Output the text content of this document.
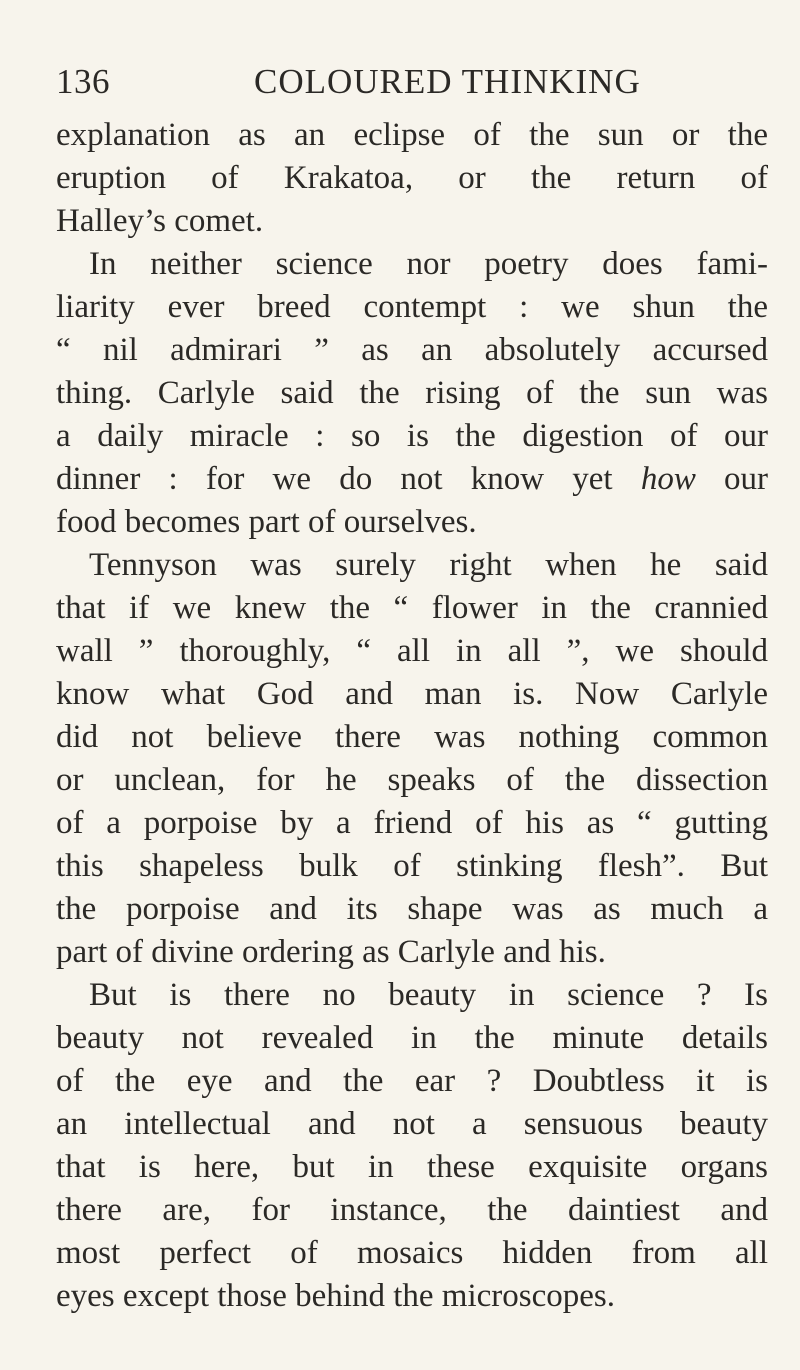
136	COLOURED THINKING
explanation as an eclipse of the sun or the
eruption of Krakatoa, or the return of
Halley’s comet.
In neither science nor poetry does fami-
liarity ever breed contempt : we shun the
“ nil admirari ” as an absolutely accursed
thing. Carlyle said the rising of the sun was
a daily miracle : so is the digestion of our
dinner : for we do not know yet how our
food becomes part of ourselves.
Tennyson was surely right when he said
that if we knew the “ flower in the crannied
wall ” thoroughly, “ all in all ”, we should
know what God and man is. Now Carlyle
did not believe there was nothing common
or unclean, for he speaks of the dissection
of a porpoise by a friend of his as “ gutting
this shapeless bulk of stinking flesh”. But
the porpoise and its shape was as much a
part of divine ordering as Carlyle and his.
But is there no beauty in science ? Is
beauty not revealed in the minute details
of the eye and the ear ? Doubtless it is
an intellectual and not a sensuous beauty
that is here, but in these exquisite organs
there are, for instance, the daintiest and
most perfect of mosaics hidden from all
eyes except those behind the microscopes.
